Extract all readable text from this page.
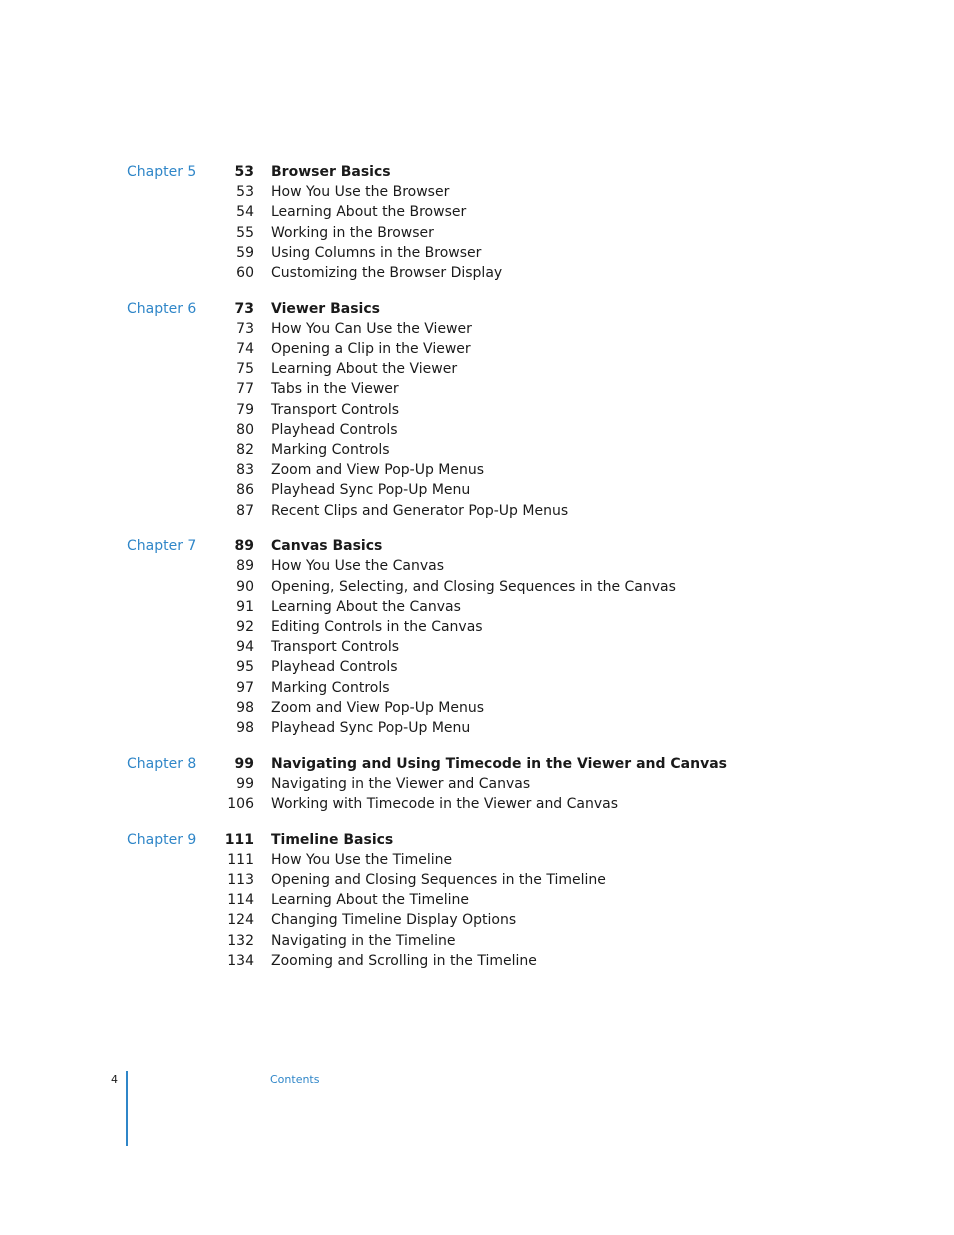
Chapter 5	53 Browser Basics
53 How You Use the Browser
54 Learning About the Browser
55 Working in the Browser
59 Using Columns in the Browser
60 Customizing the Browser Display
Chapter 6	73 Viewer Basics
73 How You Can Use the Viewer
74 Opening a Clip in the Viewer
75 Learning About the Viewer
77 Tabs in the Viewer
79 Transport Controls
80 Playhead Controls
82 Marking Controls
83 Zoom and View Pop-Up Menus
86 Playhead Sync Pop-Up Menu
87 Recent Clips and Generator Pop-Up Menus
Chapter 7	89 Canvas Basics
89 How You Use the Canvas
90 Opening, Selecting, and Closing Sequences in the Canvas
91 Learning About the Canvas
92 Editing Controls in the Canvas
94 Transport Controls
95 Playhead Controls
97 Marking Controls
98 Zoom and View Pop-Up Menus
98 Playhead Sync Pop-Up Menu
Chapter 8	99 Navigating and Using Timecode in the Viewer and Canvas
99 Navigating in the Viewer and Canvas
106 Working with Timecode in the Viewer and Canvas
Chapter 9 111 Timeline Basics
111 How You Use the Timeline
113 Opening and Closing Sequences in the Timeline
114 Learning About the Timeline
124 Changing Timeline Display Options
132 Navigating in the Timeline
134 Zooming and Scrolling in the Timeline
4	Contents
